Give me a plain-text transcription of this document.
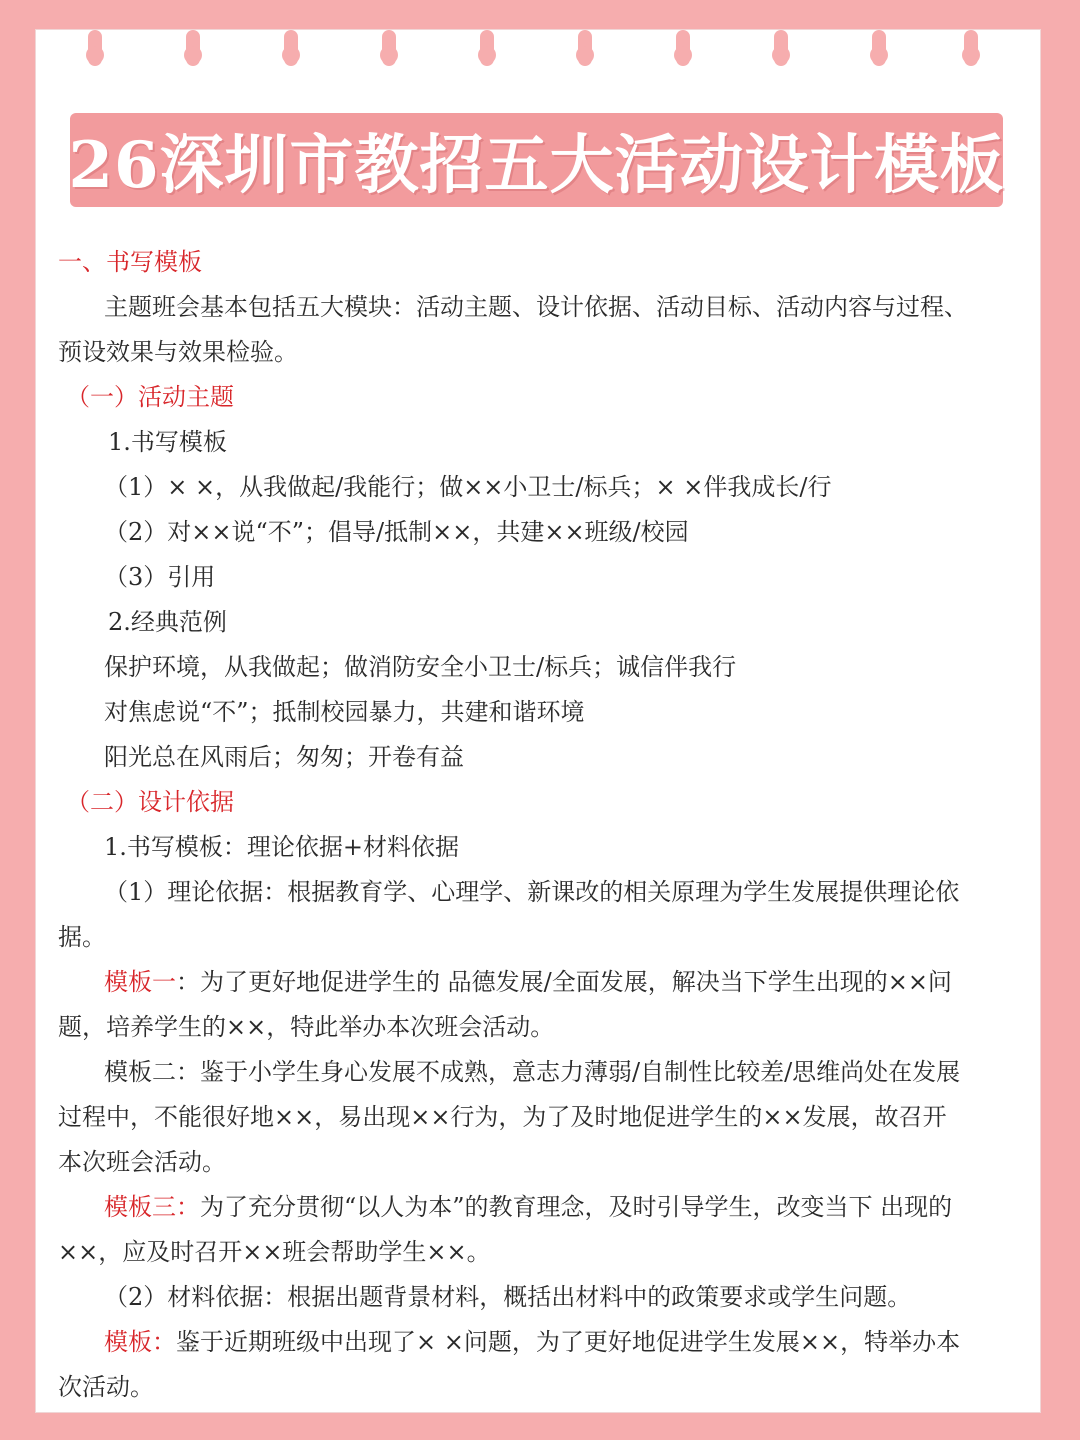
26深圳市教招五大活动设计模板
一、书写模板
主题班会基本包括五大模块：活动主题、设计依据、活动目标、活动内容与过程、
预设效果与效果检验。
（一）活动主题
1.书写模板
（1）× ×，从我做起/我能行；做××小卫士/标兵；× ×伴我成长/行
（2）对××说“不”；倡导/抵制××，共建××班级/校园
（3）引用
2.经典范例
保护环境，从我做起；做消防安全小卫士/标兵；诚信伴我行
对焦虑说“不”；抵制校园暴力，共建和谐环境
阳光总在风雨后；匆匆；开卷有益
（二）设计依据
1.书写模板：理论依据+材料依据
（1）理论依据：根据教育学、心理学、新课改的相关原理为学生发展提供理论依
据。
模板一：为了更好地促进学生的 品德发展/全面发展，解决当下学生出现的××问
题，培养学生的××，特此举办本次班会活动。
模板二：鉴于小学生身心发展不成熟，意志力薄弱/自制性比较差/思维尚处在发展
过程中，不能很好地××，易出现××行为，为了及时地促进学生的××发展，故召开
本次班会活动。
模板三：为了充分贯彻“以人为本”的教育理念，及时引导学生，改变当下 出现的
××，应及时召开××班会帮助学生××。
（2）材料依据：根据出题背景材料，概括出材料中的政策要求或学生问题。
模板：鉴于近期班级中出现了× ×问题，为了更好地促进学生发展××，特举办本
次活动。
